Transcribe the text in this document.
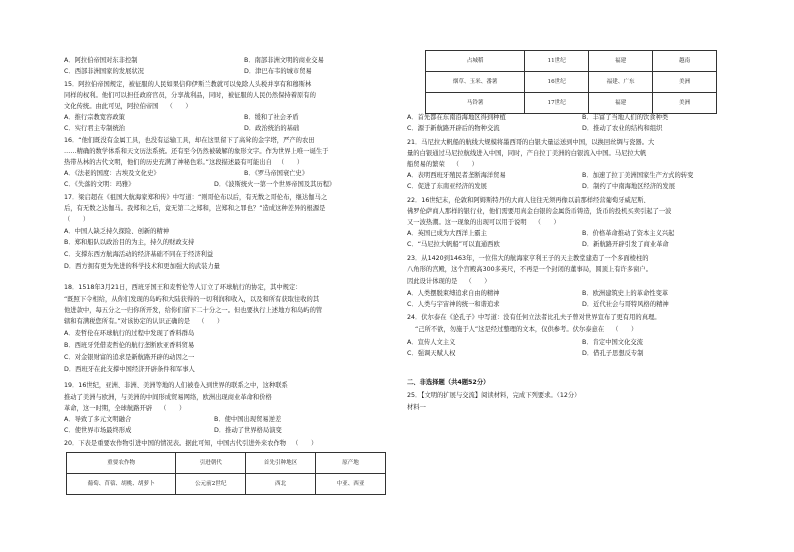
A．阿拉伯帝国对东非控制	B．南部非洲文明的商业交易
C．西部非洲国家的发展状况	D．津巴布韦的城市贸易
15．阿拉伯帝国规定，被征服的人民如果信仰伊斯兰教就可以免除人头税并享有和穆斯林
同样的权利。他们可以担任政府官员，分享战利品，同时，被征服的人民仍然保持着原有的
文化传统。由此可见，阿拉伯帝国 （　　）
A．推行宗教宽容政策	B．缓和了社会矛盾
C．实行君主专制统治	D．政治统治的基础
16．“他们既没有金属工具，也没有运输工具，却在这里留下了高耸的金字塔，严产的农田
……精确的数学体系和天文历法系统。还有至今仍然被破解的象形文字。作为世界上唯一诞生于
热带丛林的古代文明，他们的历史充满了神秘色彩。”这段描述最有可能出自 （　　）
A．《法老的国度：古埃及文化史》	B．《罗马帝国衰亡史》
C．《失落的文明：玛雅》	D．《波斯统火一第一个世界帝国及其历程》
17．梁启超在《祖国大航海家郑和传》中写道：“则哥伦布以后，有无数之哥伦布，继达伽马之
后，有无数之达伽马。我郑和之后，竟无第二之郑和，岂郑和之罪也？”造成这种差异的根源是
（　　）
A．中国人缺乏持久探险、创新的精神
B．郑和船队以政治目的为主，持久的财政支持
C．支撑东西方航海活动的经济基础不同在于经济利益
D．西方拥有更为先进的科学技术和更加强大的武装力量
18．1518年3月21日，西班牙国王和麦哲伦等人订立了环球航行的协定，其中规定：
“既照下令相给，从你们发现的岛屿和大陆获得的一切利润和收入，以及和所有获取往收的其
他进款中，每五分之一归你所开发，给你们留下二十分之一。但也要执行上述地方和岛屿的管
辖和有满税您所有。”对该协定的认识正确的是 （　　）
A．麦哲伦在环球航行的过程中发现了香料群岛
B．西班牙凭借麦哲伦的航行垄断欧亚香料贸易
C．对金银财富的追求是新航路开辟的动因之一
D．西班牙在此支撑中国经济开辟条件和军事人
19．16世纪，亚洲、非洲、美洲等地的人们被卷入到世界的联系之中，这种联系
推动了美洲与欧洲，与美洲的中间形成贸易网络，欧洲出现商业革命和价格
革命，这一时期，全球航路开辟 （　　）
A．导致了多元文明融合	B．使中国出现贸易逆差
C．使世界市场最终形成	D．推动了世界格局演变
20．下表是重要农作物引进中国的情况表。据此可知，中国古代引进外来农作物 （　　）
重要农作物	引进朝代	首先引种地区	原产地
葡萄、苜蓿、胡桃、胡萝卜	公元前2世纪	西北	中亚、西亚
占城稻	11世纪	福建	越南
烟草、玉米、番薯	16世纪	福建、广东	美洲
马铃薯	17世纪	福建	美洲
A．首先都在东南沿海地区得到种植	B．丰富了当地人们的饮食种类
C．源于新航路开辟后的物种交流	D．推动了农业的结构和组织
21．马尼拉大帆船的航线大规模将墨西哥的白银大量运送到中国，以换回丝绸与瓷器。大
量的白银通过马尼拉航线进入中国，同时，产自拉丁美洲的白银流入中国。马尼拉大帆
船贸易的繁荣 （　　）
A．表明西班牙殖民者垄断海洋贸易	B．加速了拉丁美洲国家生产方式的转变
C．促进了东南亚经济的发展	D．制约了中南海地区经济的发展
22．16世纪末，伦敦和阿姆斯特丹的大商人往往无须再像以前那样经营葡萄牙威尼斯、
佛罗伦萨商人那样的银行业，他们需要用真金白银的金属货币铸造，货币的投机买卖引起了一波
又一波热潮。这一现象的出现可以用于说明 （　　）
A．英国已成为大西洋上霸主	B．价格革命推动了资本主义兴起
C．“马尼拉大帆船”可以直通西欧	D．新航路开辟引发了商业革命
23．从1420到1463年，一位伟大的航海家亨利王子的天主教堂建造了一个多面棱柱的
八角形的宫殿，这个宫殿高300多英尺，不再是一个封闭的董事局，圆顶上有许多窗户。
因此设计体现的是 （　　）
A．人类摆脱束缚追求自由的精神	B．欧洲建筑史上的革命性变革
C．人类与宇宙神的统一和谐追求	D．近代社会与哥特风格的精神
24．伏尔泰在《论孔子》中写道：没有任何立法者比孔夫子曾对世界宣布了更有用的真理。
“己所不欲，勿施于人”这是经过整理的文本，仅供参考。伏尔泰意在 （　　）
A．宣传人文主义	B．肯定中国文化交流
C．强调天赋人权	D．借孔子思想反专制
二、非选择题（共4题52分）
25．【文明的扩展与交流】阅读材料，完成下列要求。（12分）
材料一
